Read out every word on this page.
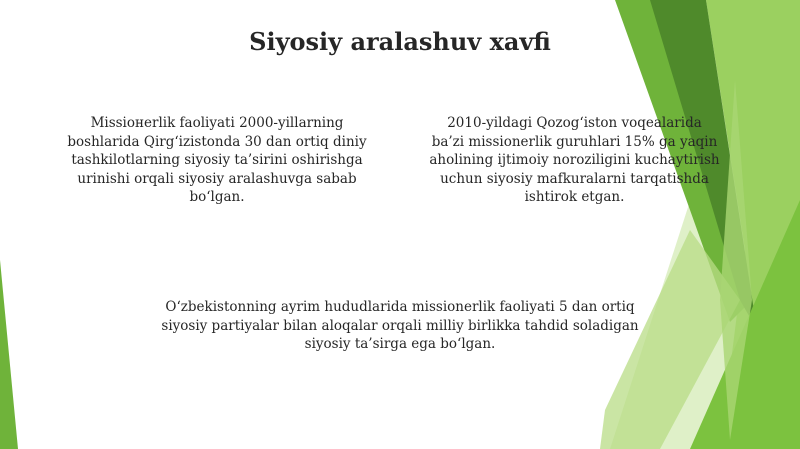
Siyosiy aralashuv xavfi

Missioнеrlik faoliyati 2000-yillarning
boshlarida Qirg‘izistonda 30 dan ortiq diniy
tashkilotlarning siyosiy ta’sirini oshirishga
urinishi orqali siyosiy aralashuvga sabab
bo‘lgan.

2010-yildagi Qozog‘iston voqealarida
ba’zi missionerlik guruhlari 15% ga yaqin
aholining ijtimoiy noroziligini kuchaytirish
uchun siyosiy mafkuralarni tarqatishda
ishtirok etgan.

O‘zbekistonning ayrim hududlarida missionerlik faoliyati 5 dan ortiq
siyosiy partiyalar bilan aloqalar orqali milliy birlikka tahdid soladigan
siyosiy ta’sirga ega bo‘lgan.
